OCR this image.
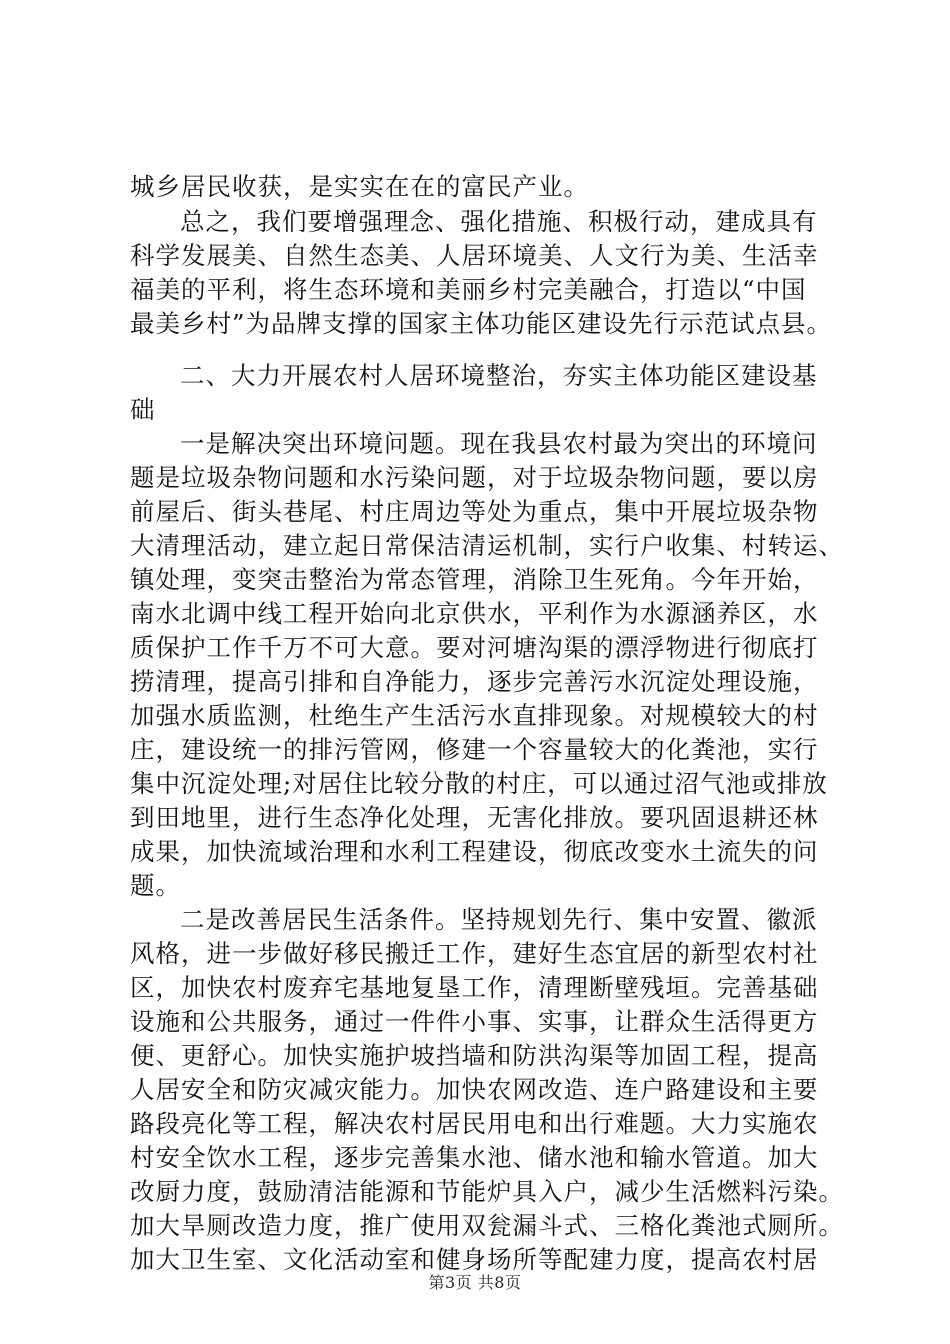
城乡居民收获，是实实在在的富民产业。
总之，我们要增强理念、强化措施、积极行动，建成具有
科学发展美、自然生态美、人居环境美、人文行为美、生活幸
福美的平利，将生态环境和美丽乡村完美融合，打造以“中国
最美乡村”为品牌支撑的国家主体功能区建设先行示范试点县。
二、大力开展农村人居环境整治，夯实主体功能区建设基
础
一是解决突出环境问题。现在我县农村最为突出的环境问
题是垃圾杂物问题和水污染问题，对于垃圾杂物问题，要以房
前屋后、街头巷尾、村庄周边等处为重点，集中开展垃圾杂物
大清理活动，建立起日常保洁清运机制，实行户收集、村转运、
镇处理，变突击整治为常态管理，消除卫生死角。今年开始，
南水北调中线工程开始向北京供水，平利作为水源涵养区，水
质保护工作千万不可大意。要对河塘沟渠的漂浮物进行彻底打
捞清理，提高引排和自净能力，逐步完善污水沉淀处理设施，
加强水质监测，杜绝生产生活污水直排现象。对规模较大的村
庄，建设统一的排污管网，修建一个容量较大的化粪池，实行
集中沉淀处理;对居住比较分散的村庄，可以通过沼气池或排放
到田地里，进行生态净化处理，无害化排放。要巩固退耕还林
成果，加快流域治理和水利工程建设，彻底改变水土流失的问
题。
二是改善居民生活条件。坚持规划先行、集中安置、徽派
风格，进一步做好移民搬迁工作，建好生态宜居的新型农村社
区，加快农村废弃宅基地复垦工作，清理断壁残垣。完善基础
设施和公共服务，通过一件件小事、实事，让群众生活得更方
便、更舒心。加快实施护坡挡墙和防洪沟渠等加固工程，提高
人居安全和防灾减灾能力。加快农网改造、连户路建设和主要
路段亮化等工程，解决农村居民用电和出行难题。大力实施农
村安全饮水工程，逐步完善集水池、储水池和输水管道。加大
改厨力度，鼓励清洁能源和节能炉具入户，减少生活燃料污染。
加大旱厕改造力度，推广使用双瓮漏斗式、三格化粪池式厕所。
加大卫生室、文化活动室和健身场所等配建力度，提高农村居
第3页 共8页
